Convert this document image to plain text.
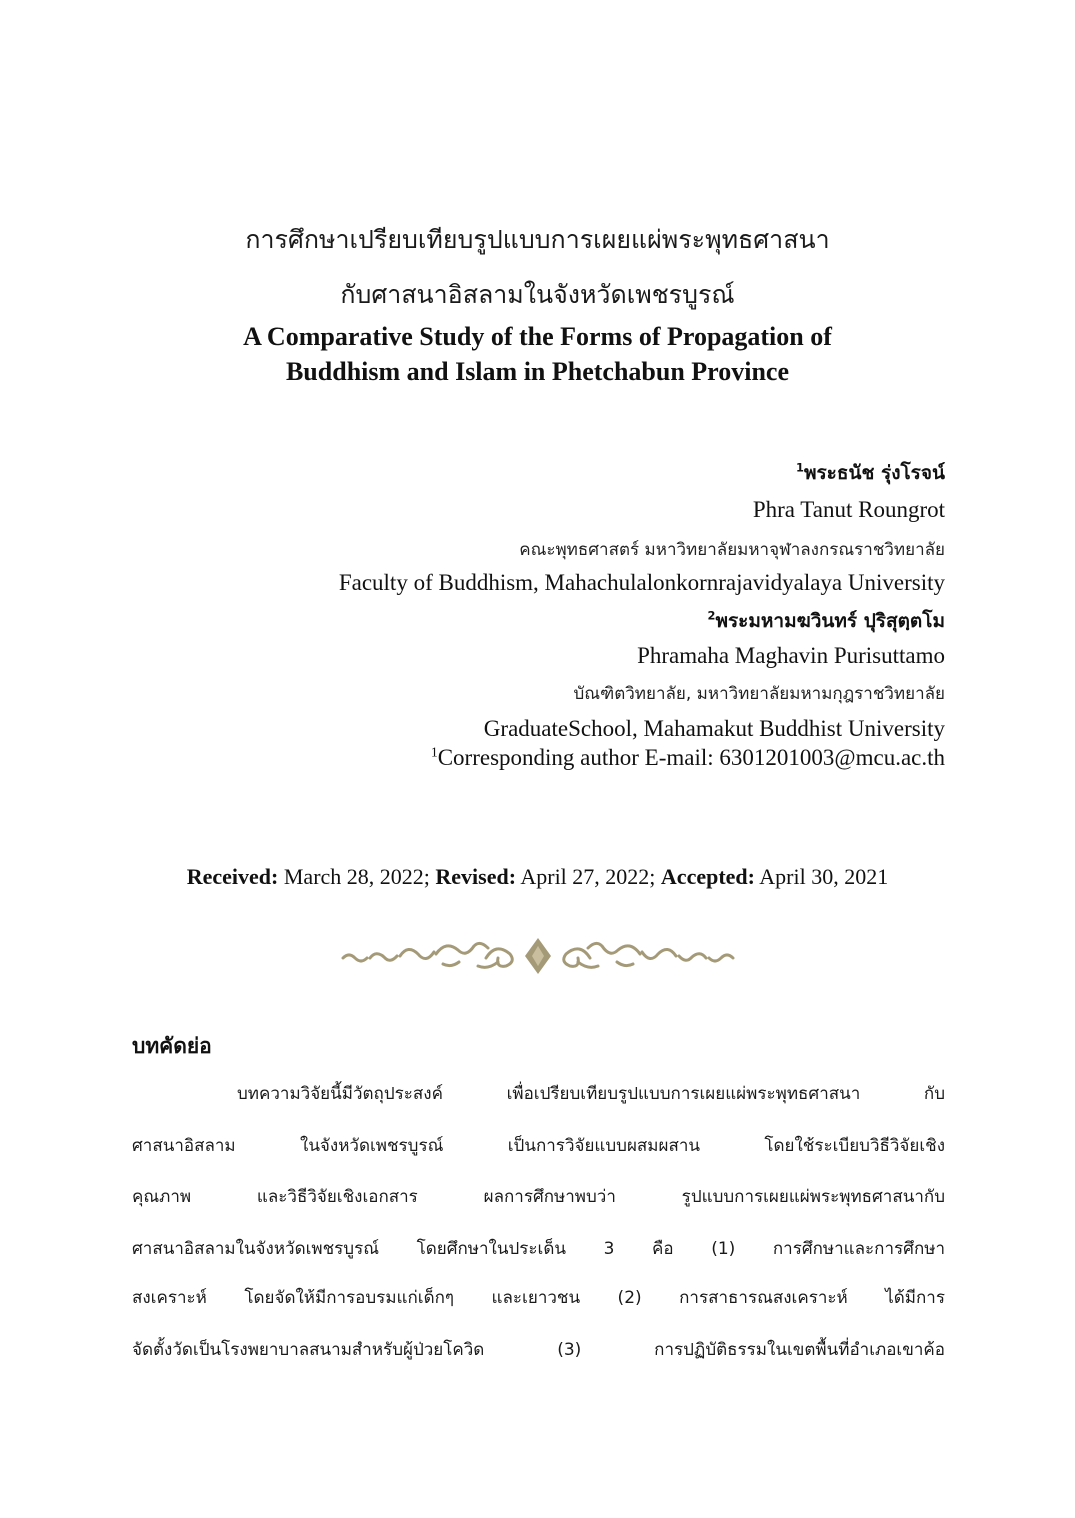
การศึกษาเปรียบเทียบรูปแบบการเผยแผ่พระพุทธศาสนา
กับศาสนาอิสลามในจังหวัดเพชรบูรณ์
A Comparative Study of the Forms of Propagation of
Buddhism and Islam in Phetchabun Province
$^1$พระธนัช รุ่งโรจน์
Phra Tanut Roungrot
คณะพุทธศาสตร์ มหาวิทยาลัยมหาจุฬาลงกรณราชวิทยาลัย
Faculty of Buddhism, Mahachulalonkornrajavidyalaya University
$^2$พระมหามฆวินทร์ ปุริสุตฺตโม
Phramaha Maghavin Purisuttamo
บัณฑิตวิทยาลัย, มหาวิทยาลัยมหามกุฎราชวิทยาลัย
GraduateSchool, Mahamakut Buddhist University
$^1$Corresponding author E-mail: 6301201003@mcu.ac.th
Received: March 28, 2022; Revised: April 27, 2022; Accepted: April 30, 2021
บทคัดย่อ
บทความวิจัยนี้มีวัตถุประสงค์ เพื่อเปรียบเทียบรูปแบบการเผยแผ่พระพุทธศาสนา กับ
ศาสนาอิสลาม ในจังหวัดเพชรบูรณ์ เป็นการวิจัยแบบผสมผสาน โดยใช้ระเบียบวิธีวิจัยเชิง
คุณภาพ และวิธีวิจัยเชิงเอกสาร ผลการศึกษาพบว่า รูปแบบการเผยแผ่พระพุทธศาสนากับ
ศาสนาอิสลามในจังหวัดเพชรบูรณ์ โดยศึกษาในประเด็น 3 คือ (1) การศึกษาและการศึกษา
สงเคราะห์ โดยจัดให้มีการอบรมแก่เด็กๆ และเยาวชน (2) การสาธารณสงเคราะห์ ได้มีการ
จัดตั้งวัดเป็นโรงพยาบาลสนามสำหรับผู้ป่วยโควิด (3) การปฏิบัติธรรมในเขตพื้นที่อำเภอเขาค้อ
